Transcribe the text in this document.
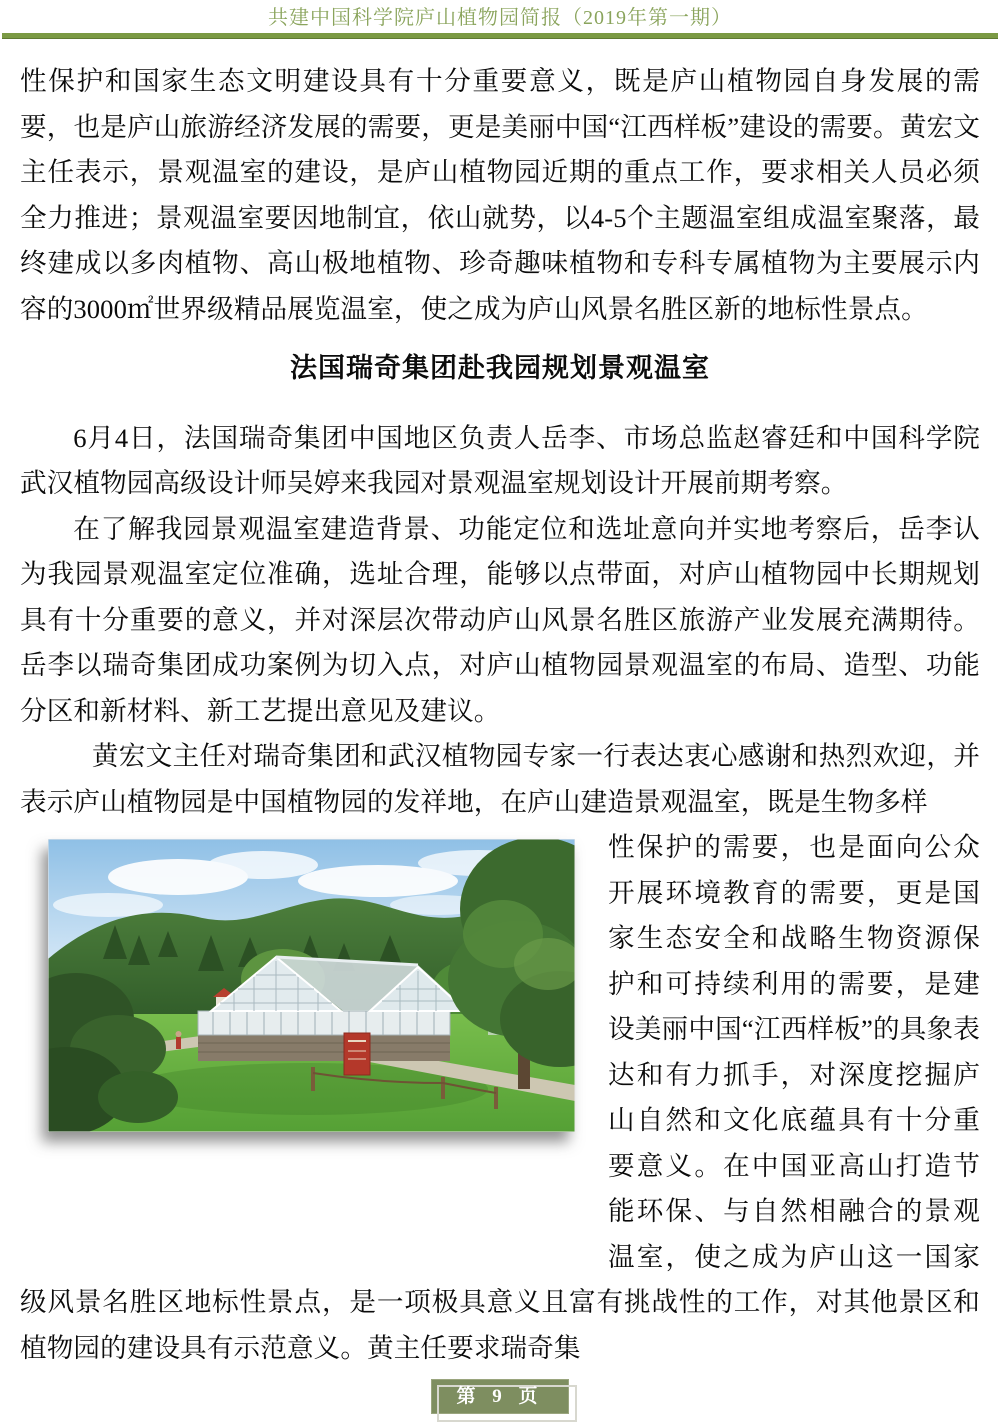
共建中国科学院庐山植物园简报（2019年第一期）

性保护和国家生态文明建设具有十分重要意义，既是庐山植物园自身发展的需要，也是庐山旅游经济发展的需要，更是美丽中国“江西样板”建设的需要。黄宏文主任表示，景观温室的建设，是庐山植物园近期的重点工作，要求相关人员必须全力推进；景观温室要因地制宜，依山就势，以4-5个主题温室组成温室聚落，最终建成以多肉植物、高山极地植物、珍奇趣味植物和专科专属植物为主要展示内容的3000㎡世界级精品展览温室，使之成为庐山风景名胜区新的地标性景点。

法国瑞奇集团赴我园规划景观温室

6月4日，法国瑞奇集团中国地区负责人岳李、市场总监赵睿廷和中国科学院武汉植物园高级设计师吴婷来我园对景观温室规划设计开展前期考察。

在了解我园景观温室建造背景、功能定位和选址意向并实地考察后，岳李认为我园景观温室定位准确，选址合理，能够以点带面，对庐山植物园中长期规划具有十分重要的意义，并对深层次带动庐山风景名胜区旅游产业发展充满期待。岳李以瑞奇集团成功案例为切入点，对庐山植物园景观温室的布局、造型、功能分区和新材料、新工艺提出意见及建议。

黄宏文主任对瑞奇集团和武汉植物园专家一行表达衷心感谢和热烈欢迎，并表示庐山植物园是中国植物园的发祥地，在庐山建造景观温室，既是生物多样

性保护的需要，也是面向公众开展环境教育的需要，更是国家生态安全和战略生物资源保护和可持续利用的需要，是建设美丽中国“江西样板”的具象表达和有力抓手，对深度挖掘庐山自然和文化底蕴具有十分重要意义。在中国亚高山打造节能环保、与自然相融合的景观温室，使之成为庐山这一国家级风景名胜区地标性景点，是一项极具意义且富有挑战性的工作，对其他景区和植物园的建设具有示范意义。黄主任要求瑞奇集

第 9 页
